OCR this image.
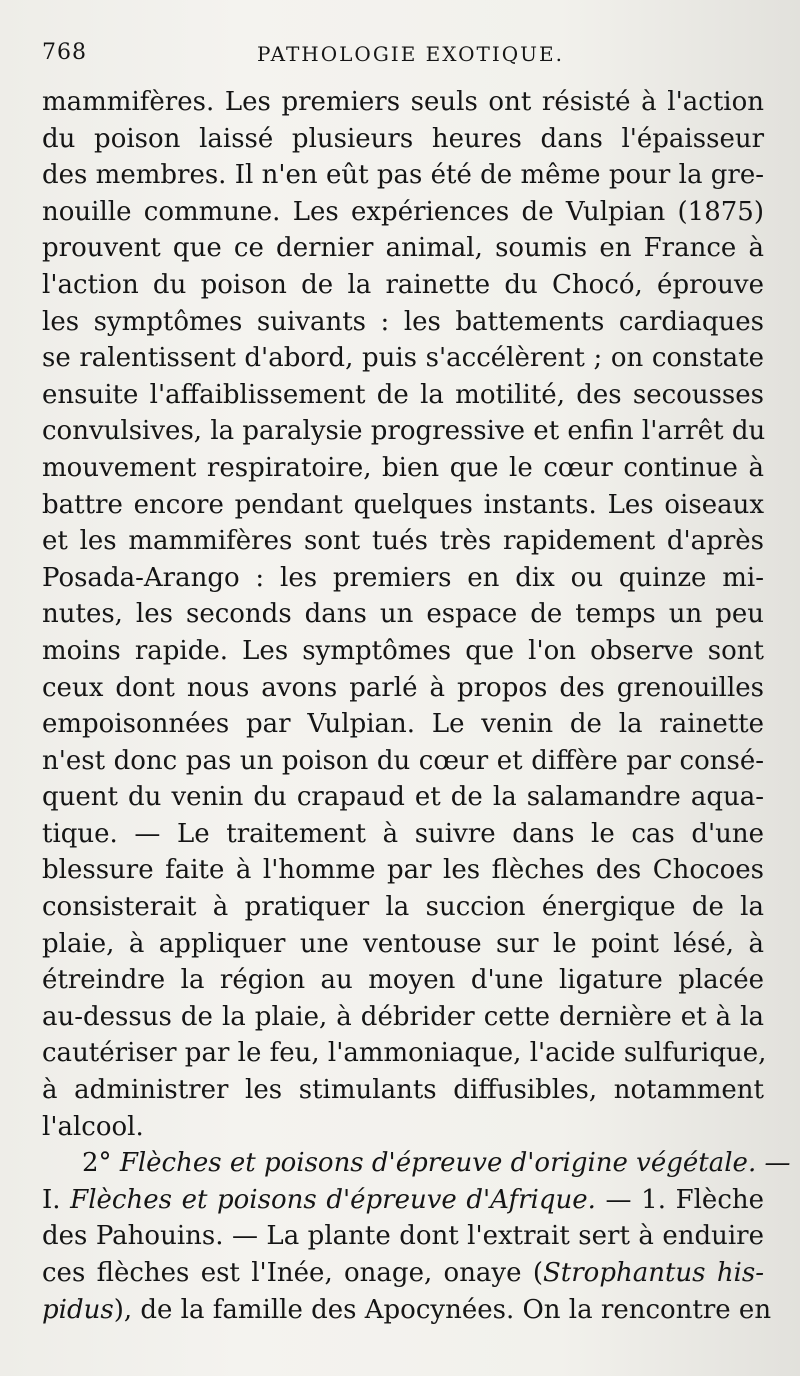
768	PATHOLOGIE EXOTIQUE.
mammifères. Les premiers seuls ont résisté à l'action
du poison laissé plusieurs heures dans l'épaisseur
des membres. Il n'en eût pas été de même pour la gre-
nouille commune. Les expériences de Vulpian (1875)
prouvent que ce dernier animal, soumis en France à
l'action du poison de la rainette du Chocó, éprouve
les symptômes suivants : les battements cardiaques
se ralentissent d'abord, puis s'accélèrent ; on constate
ensuite l'affaiblissement de la motilité, des secousses
convulsives, la paralysie progressive et enfin l'arrêt du
mouvement respiratoire, bien que le cœur continue à
battre encore pendant quelques instants. Les oiseaux
et les mammifères sont tués très rapidement d'après
Posada-Arango : les premiers en dix ou quinze mi-
nutes, les seconds dans un espace de temps un peu
moins rapide. Les symptômes que l'on observe sont
ceux dont nous avons parlé à propos des grenouilles
empoisonnées par Vulpian. Le venin de la rainette
n'est donc pas un poison du cœur et diffère par consé-
quent du venin du crapaud et de la salamandre aqua-
tique. — Le traitement à suivre dans le cas d'une
blessure faite à l'homme par les flèches des Chocoes
consisterait à pratiquer la succion énergique de la
plaie, à appliquer une ventouse sur le point lésé, à
étreindre la région au moyen d'une ligature placée
au-dessus de la plaie, à débrider cette dernière et à la
cautériser par le feu, l'ammoniaque, l'acide sulfurique,
à administrer les stimulants diffusibles, notamment
l'alcool.
2° Flèches et poisons d'épreuve d'origine végétale. —
I. Flèches et poisons d'épreuve d'Afrique. — 1. Flèche
des Pahouins. — La plante dont l'extrait sert à enduire
ces flèches est l'Inée, onage, onaye (Strophantus his-
pidus), de la famille des Apocynées. On la rencontre en
